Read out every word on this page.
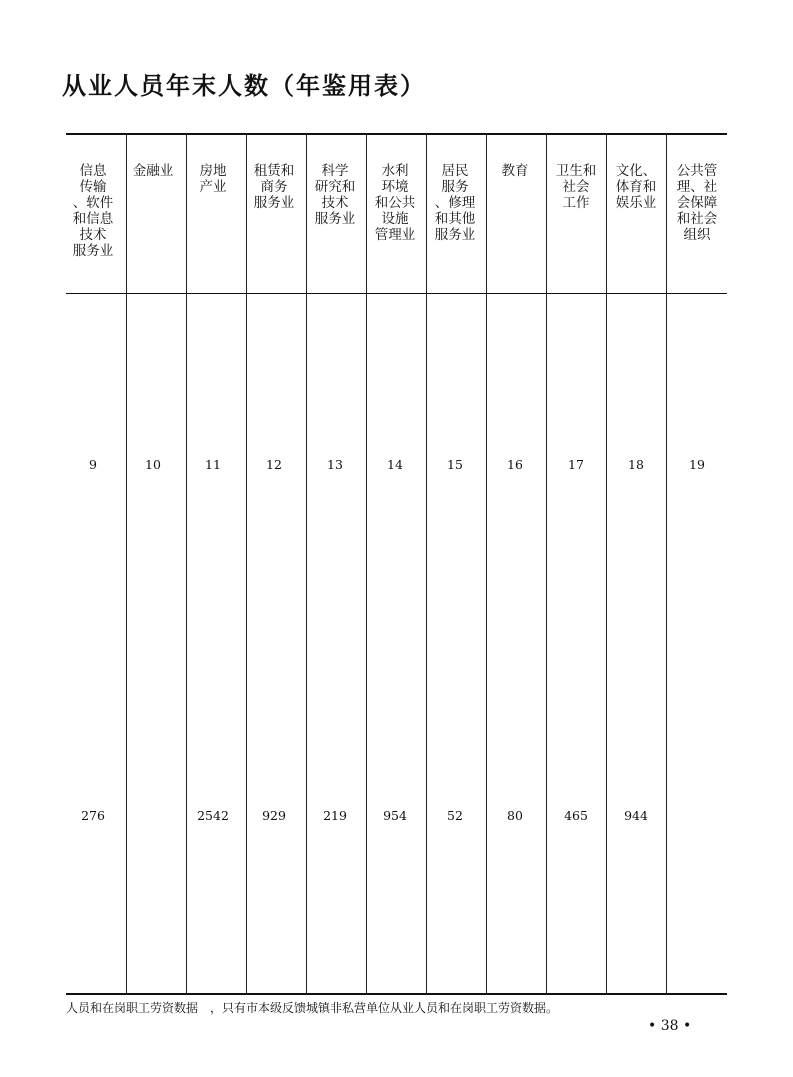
从业人员年末人数（年鉴用表）
信息
传输
、软件
和信息
技术
服务业
9
276
金融业
10
房地
产业
11
2542
租赁和
商务
服务业
12
929
科学
研究和
技术
服务业
13
219
水利
环境
和公共
设施
管理业
14
954
居民
服务
、修理
和其他
服务业
15
52
教育
16
80
卫生和
社会
工作
17
465
文化、
体育和
娱乐业
18
944
公共管
理、社
会保障
和社会
组织
19
人员和在岗职工劳资数据　，只有市本级反馈城镇非私营单位从业人员和在岗职工劳资数据。
• 38 •
